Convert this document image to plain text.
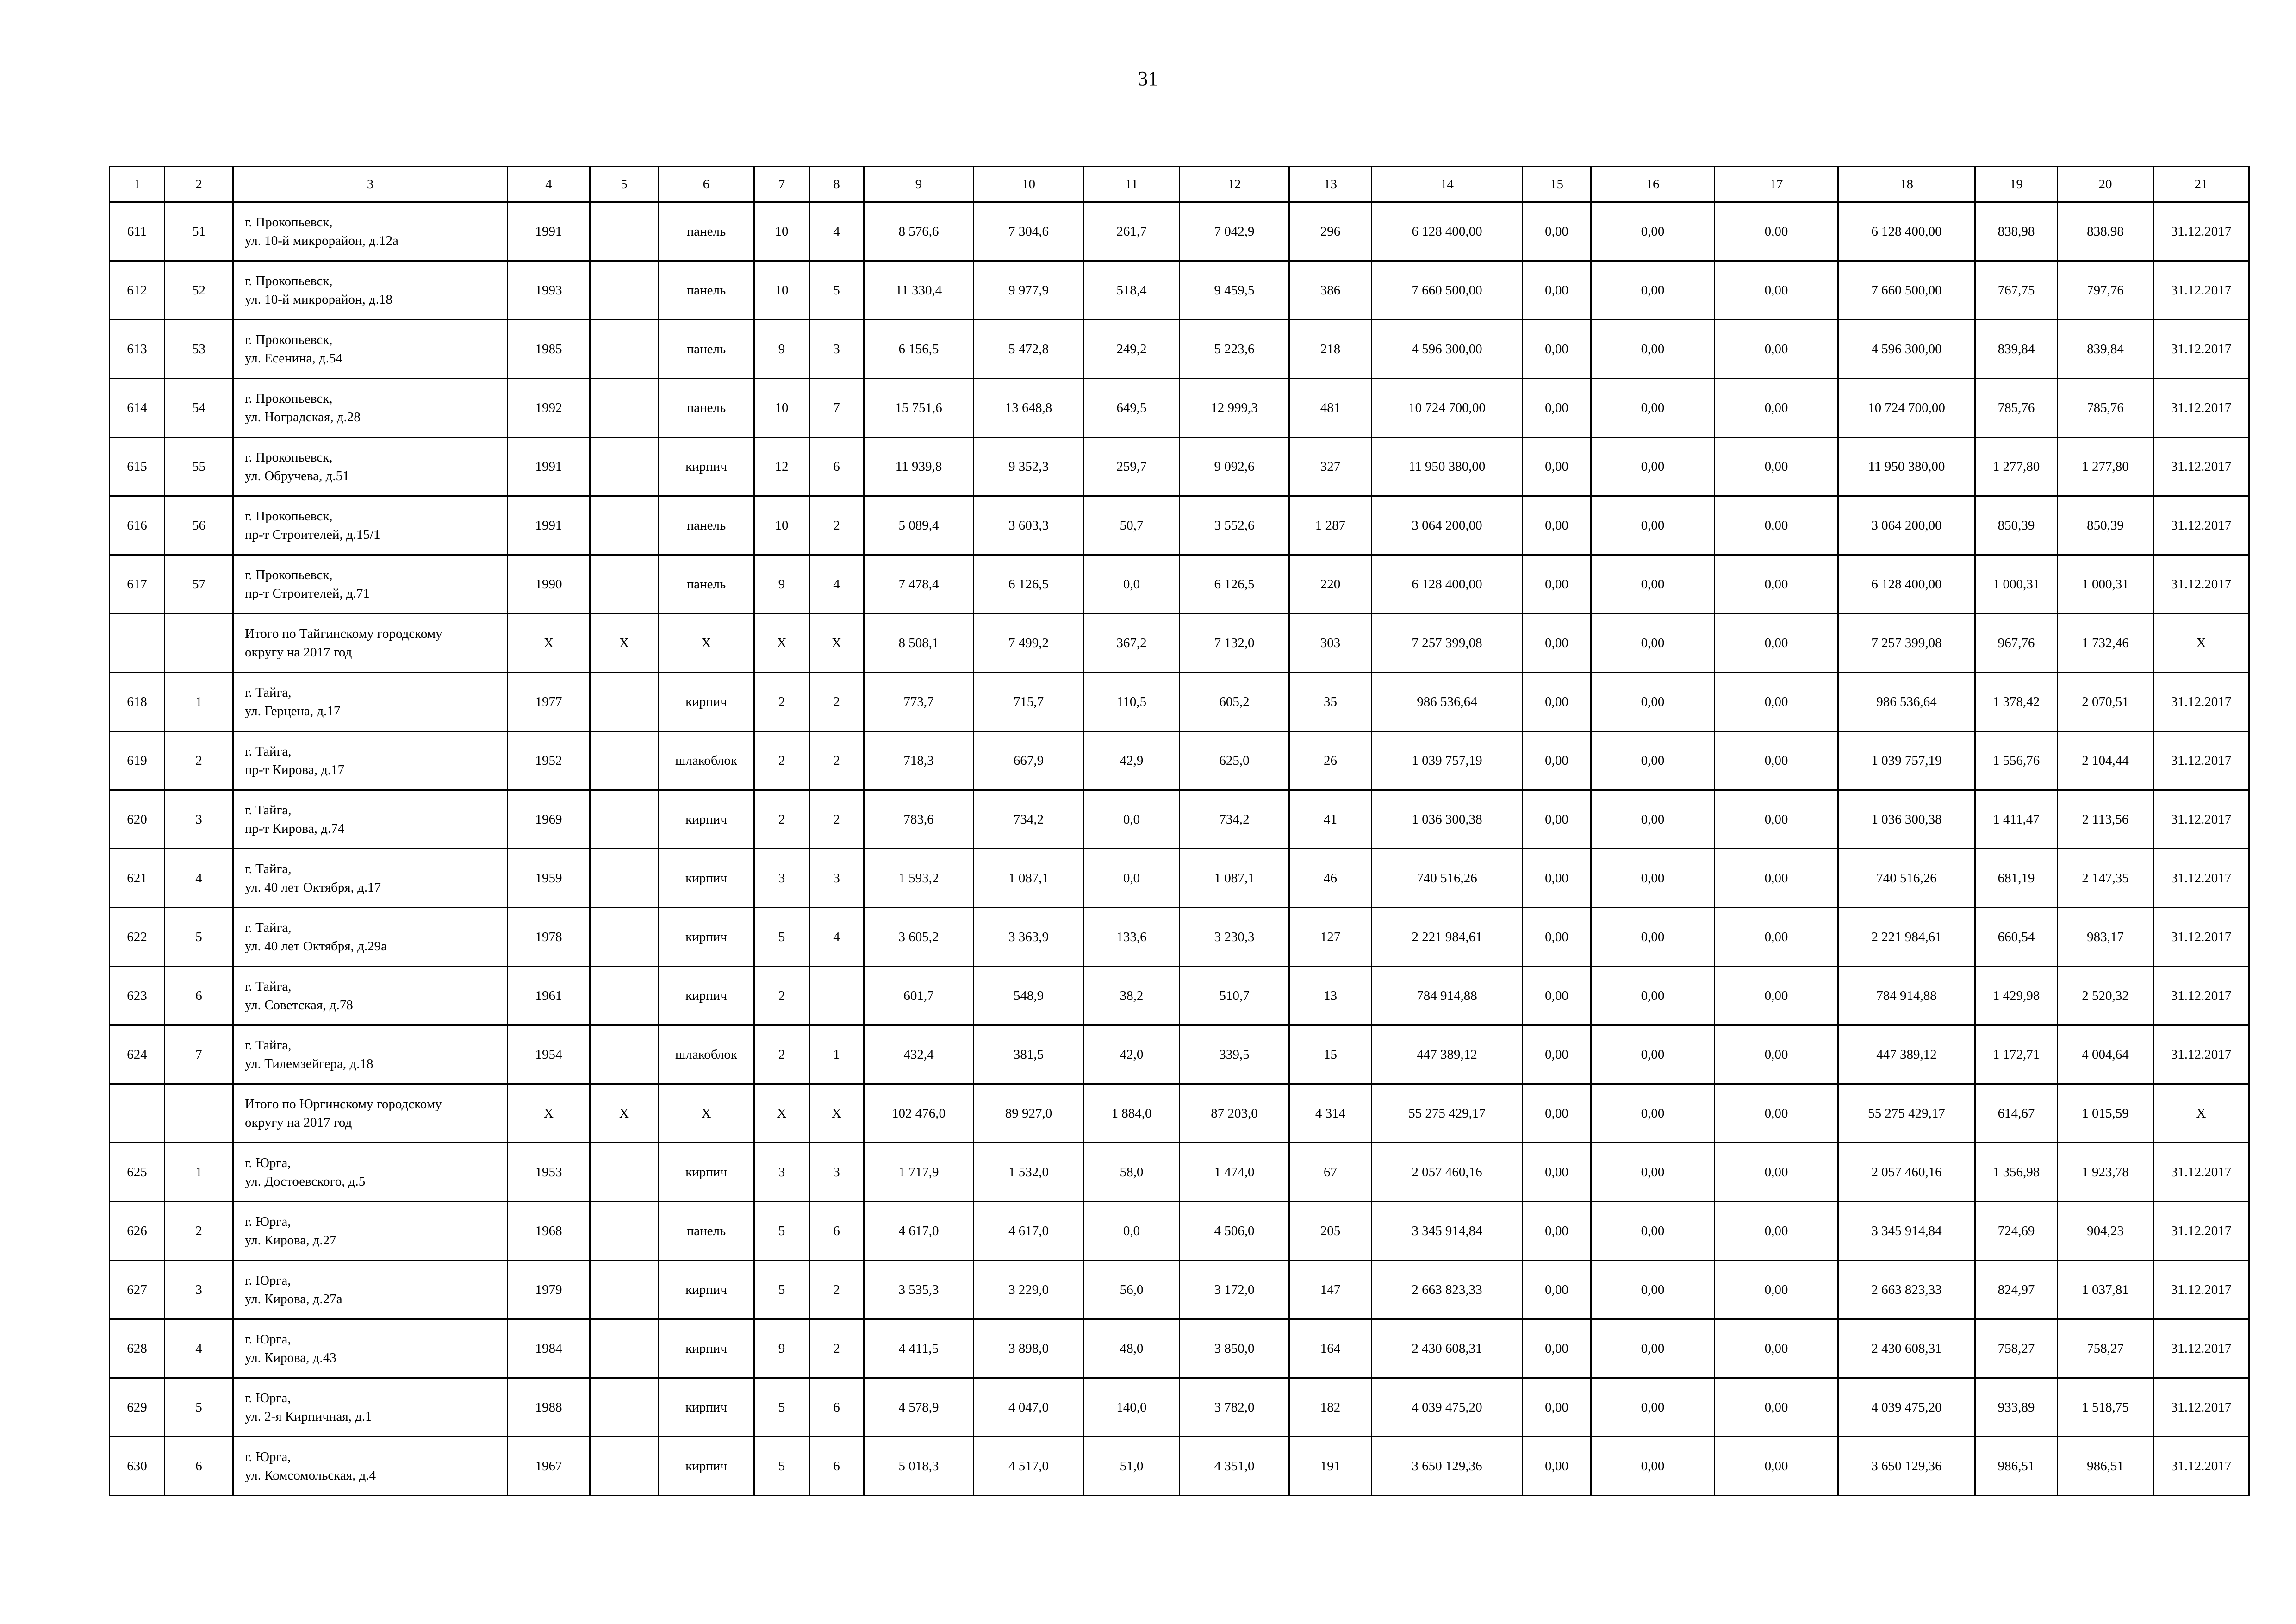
31
1	2	3	4	5	6	7	8	9	10	11	12	13	14	15	16	17	18	19	20	21
611	51	г. Прокопьевск,
ул. 10-й микрорайон, д.12а	1991		панель	10	4	8 576,6	7 304,6	261,7	7 042,9	296	6 128 400,00	0,00	0,00	0,00	6 128 400,00	838,98	838,98	31.12.2017
612	52	г. Прокопьевск,
ул. 10-й микрорайон, д.18	1993		панель	10	5	11 330,4	9 977,9	518,4	9 459,5	386	7 660 500,00	0,00	0,00	0,00	7 660 500,00	767,75	797,76	31.12.2017
613	53	г. Прокопьевск,
ул. Есенина, д.54	1985		панель	9	3	6 156,5	5 472,8	249,2	5 223,6	218	4 596 300,00	0,00	0,00	0,00	4 596 300,00	839,84	839,84	31.12.2017
614	54	г. Прокопьевск,
ул. Ноградская, д.28	1992		панель	10	7	15 751,6	13 648,8	649,5	12 999,3	481	10 724 700,00	0,00	0,00	0,00	10 724 700,00	785,76	785,76	31.12.2017
615	55	г. Прокопьевск,
ул. Обручева, д.51	1991		кирпич	12	6	11 939,8	9 352,3	259,7	9 092,6	327	11 950 380,00	0,00	0,00	0,00	11 950 380,00	1 277,80	1 277,80	31.12.2017
616	56	г. Прокопьевск,
пр-т Строителей, д.15/1	1991		панель	10	2	5 089,4	3 603,3	50,7	3 552,6	1 287	3 064 200,00	0,00	0,00	0,00	3 064 200,00	850,39	850,39	31.12.2017
617	57	г. Прокопьевск,
пр-т Строителей, д.71	1990		панель	9	4	7 478,4	6 126,5	0,0	6 126,5	220	6 128 400,00	0,00	0,00	0,00	6 128 400,00	1 000,31	1 000,31	31.12.2017

		Итого по Тайгинскому городскому
округу на 2017 год	X	X	X	X	X	8 508,1	7 499,2	367,2	7 132,0	303	7 257 399,08	0,00	0,00	0,00	7 257 399,08	967,76	1 732,46	X
618	1	г. Тайга,
ул. Герцена, д.17	1977		кирпич	2	2	773,7	715,7	110,5	605,2	35	986 536,64	0,00	0,00	0,00	986 536,64	1 378,42	2 070,51	31.12.2017
619	2	г. Тайга,
пр-т Кирова, д.17	1952		шлакоблок	2	2	718,3	667,9	42,9	625,0	26	1 039 757,19	0,00	0,00	0,00	1 039 757,19	1 556,76	2 104,44	31.12.2017
620	3	г. Тайга,
пр-т Кирова, д.74	1969		кирпич	2	2	783,6	734,2	0,0	734,2	41	1 036 300,38	0,00	0,00	0,00	1 036 300,38	1 411,47	2 113,56	31.12.2017
621	4	г. Тайга,
ул. 40 лет Октября, д.17	1959		кирпич	3	3	1 593,2	1 087,1	0,0	1 087,1	46	740 516,26	0,00	0,00	0,00	740 516,26	681,19	2 147,35	31.12.2017
622	5	г. Тайга,
ул. 40 лет Октября, д.29а	1978		кирпич	5	4	3 605,2	3 363,9	133,6	3 230,3	127	2 221 984,61	0,00	0,00	0,00	2 221 984,61	660,54	983,17	31.12.2017
623	6	г. Тайга,
ул. Советская, д.78	1961		кирпич	2		601,7	548,9	38,2	510,7	13	784 914,88	0,00	0,00	0,00	784 914,88	1 429,98	2 520,32	31.12.2017
624	7	г. Тайга,
ул. Тилемзейгера, д.18	1954		шлакоблок	2	1	432,4	381,5	42,0	339,5	15	447 389,12	0,00	0,00	0,00	447 389,12	1 172,71	4 004,64	31.12.2017

		Итого по Юргинскому городскому
округу на 2017 год	X	X	X	X	X	102 476,0	89 927,0	1 884,0	87 203,0	4 314	55 275 429,17	0,00	0,00	0,00	55 275 429,17	614,67	1 015,59	X
625	1	г. Юрга,
ул. Достоевского, д.5	1953		кирпич	3	3	1 717,9	1 532,0	58,0	1 474,0	67	2 057 460,16	0,00	0,00	0,00	2 057 460,16	1 356,98	1 923,78	31.12.2017
626	2	г. Юрга,
ул. Кирова, д.27	1968		панель	5	6	4 617,0	4 617,0	0,0	4 506,0	205	3 345 914,84	0,00	0,00	0,00	3 345 914,84	724,69	904,23	31.12.2017
627	3	г. Юрга,
ул. Кирова, д.27а	1979		кирпич	5	2	3 535,3	3 229,0	56,0	3 172,0	147	2 663 823,33	0,00	0,00	0,00	2 663 823,33	824,97	1 037,81	31.12.2017
628	4	г. Юрга,
ул. Кирова, д.43	1984		кирпич	9	2	4 411,5	3 898,0	48,0	3 850,0	164	2 430 608,31	0,00	0,00	0,00	2 430 608,31	758,27	758,27	31.12.2017
629	5	г. Юрга,
ул. 2-я Кирпичная, д.1	1988		кирпич	5	6	4 578,9	4 047,0	140,0	3 782,0	182	4 039 475,20	0,00	0,00	0,00	4 039 475,20	933,89	1 518,75	31.12.2017
630	6	г. Юрга,
ул. Комсомольская, д.4	1967		кирпич	5	6	5 018,3	4 517,0	51,0	4 351,0	191	3 650 129,36	0,00	0,00	0,00	3 650 129,36	986,51	986,51	31.12.2017
